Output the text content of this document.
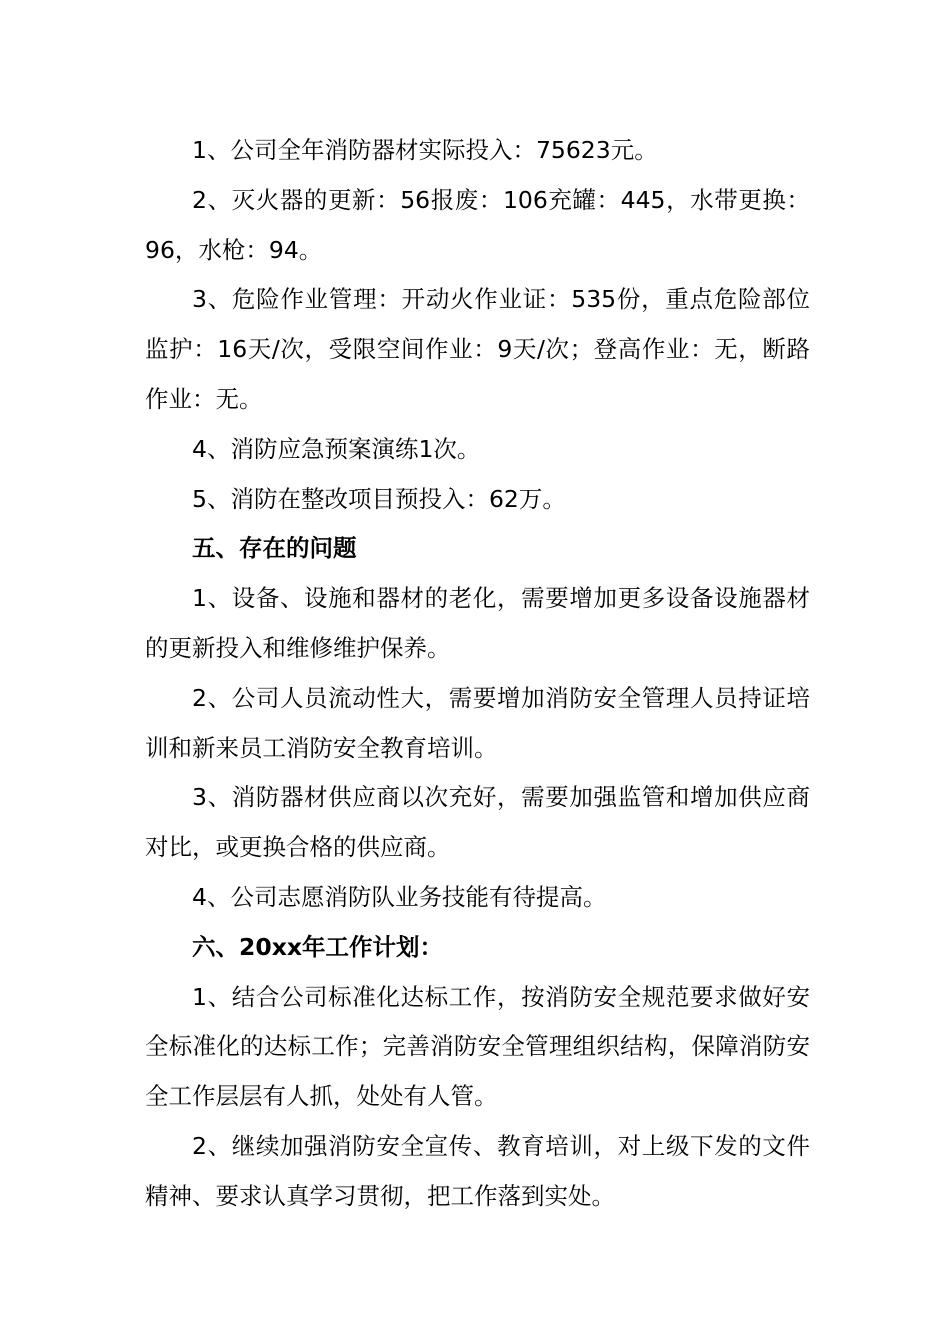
1、公司全年消防器材实际投入：75623元。

2、灭火器的更新：56报废：106充罐：445，水带更换：96，水枪：94。

3、危险作业管理：开动火作业证：535份，重点危险部位监护：16天/次，受限空间作业：9天/次；登高作业：无，断路作业：无。

4、消防应急预案演练1次。

5、消防在整改项目预投入：62万。

五、存在的问题

1、设备、设施和器材的老化，需要增加更多设备设施器材的更新投入和维修维护保养。

2、公司人员流动性大，需要增加消防安全管理人员持证培训和新来员工消防安全教育培训。

3、消防器材供应商以次充好，需要加强监管和增加供应商对比，或更换合格的供应商。

4、公司志愿消防队业务技能有待提高。

六、20xx年工作计划：

1、结合公司标准化达标工作，按消防安全规范要求做好安全标准化的达标工作；完善消防安全管理组织结构，保障消防安全工作层层有人抓，处处有人管。

2、继续加强消防安全宣传、教育培训，对上级下发的文件精神、要求认真学习贯彻，把工作落到实处。
